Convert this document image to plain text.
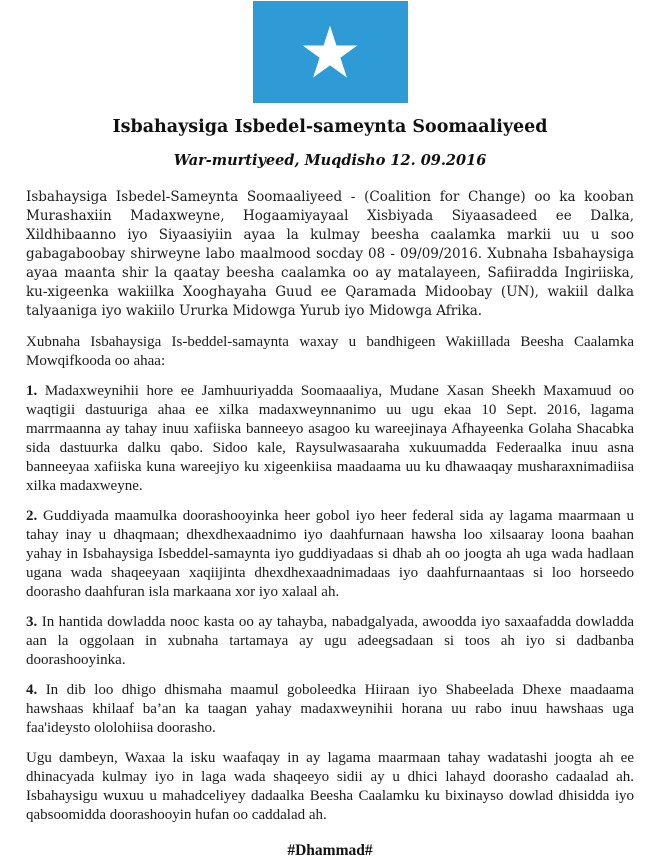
Isbahaysiga Isbedel-sameynta Soomaaliyeed
War-murtiyeed, Muqdisho 12. 09.2016

Isbahaysiga Isbedel-Sameynta Soomaaliyeed - (Coalition for Change) oo ka kooban Murashaxiin Madaxweyne, Hogaamiyayaal Xisbiyada Siyaasadeed ee Dalka, Xildhibaanno iyo Siyaasiyiin ayaa la kulmay beesha caalamka markii uu u soo gabagaboobay shirweyne labo maalmood socday 08 - 09/09/2016. Xubnaha Isbahaysiga ayaa maanta shir la qaatay beesha caalamka oo ay matalayeen, Safiiradda Ingiriiska, ku-xigeenka wakiilka Xooghayaha Guud ee Qaramada Midoobay (UN), wakiil dalka talyaaniga iyo wakiilo Ururka Midowga Yurub iyo Midowga Afrika.

Xubnaha Isbahaysiga Is-beddel-samaynta waxay u bandhigeen Wakiillada Beesha Caalamka Mowqifkooda oo ahaa:

1. Madaxweynihii hore ee Jamhuuriyadda Soomaaaliya, Mudane Xasan Sheekh Maxamuud oo waqtigii dastuuriga ahaa ee xilka madaxweynnanimo uu ugu ekaa 10 Sept. 2016, lagama marrmaanna ay tahay inuu xafiiska banneeyo asagoo ku wareejinaya Afhayeenka Golaha Shacabka sida dastuurka dalku qabo. Sidoo kale, Raysulwasaaraha xukuumadda Federaalka inuu asna banneeyaa xafiiska kuna wareejiyo ku xigeenkiisa maadaama uu ku dhawaaqay musharaxnimadiisa xilka madaxweyne.

2. Guddiyada maamulka doorashooyinka heer gobol iyo heer federal sida ay lagama maarmaan u tahay inay u dhaqmaan; dhexdhexaadnimo iyo daahfurnaan hawsha loo xilsaaray loona baahan yahay in Isbahaysiga Isbeddel-samaynta iyo guddiyadaas si dhab ah oo joogta ah uga wada hadlaan ugana wada shaqeeyaan xaqiijinta dhexdhexaadnimadaas iyo daahfurnaantaas si loo horseedo doorasho daahfuran isla markaana xor iyo xalaal ah.

3. In hantida dowladda nooc kasta oo ay tahayba, nabadgalyada, awoodda iyo saxaafadda dowladda aan la oggolaan in xubnaha tartamaya ay ugu adeegsadaan si toos ah iyo si dadbanba doorashooyinka.

4. In dib loo dhigo dhismaha maamul goboleedka Hiiraan iyo Shabeelada Dhexe maadaama hawshaas khilaaf ba’an ka taagan yahay madaxweynihii horana uu rabo inuu hawshaas uga faa'ideysto ololohiisa doorasho.

Ugu dambeyn, Waxaa la isku waafaqay in ay lagama maarmaan tahay wadatashi joogta ah ee dhinacyada kulmay iyo in laga wada shaqeeyo sidii ay u dhici lahayd doorasho cadaalad ah. Isbahaysigu wuxuu u mahadceliyey dadaalka Beesha Caalamku ku bixinayso dowlad dhisidda iyo qabsoomidda doorashooyin hufan oo caddalad ah.

#Dhammad#
